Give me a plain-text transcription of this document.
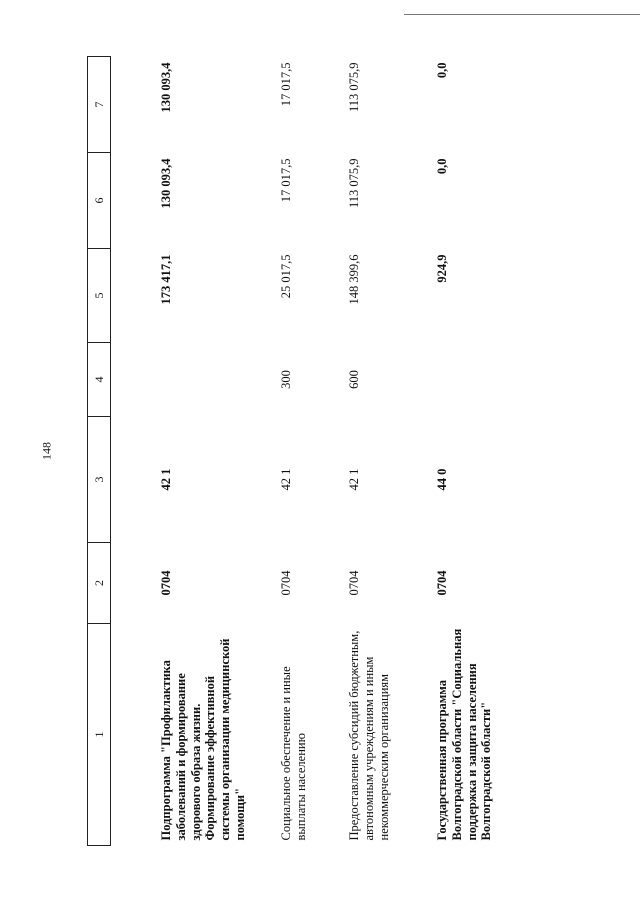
148
1	2	3	4	5	6	7
Подпрограмма "Профилактика заболеваний и формирование здорового образа жизни. Формирование эффективной системы организации медицинской помощи"	0704	42 1		173 417,1	130 093,4	130 093,4
Социальное обеспечение и иные выплаты населению	0704	42 1	300	25 017,5	17 017,5	17 017,5
Предоставление субсидий бюджетным, автономным учреждениям и иным некоммерческим организациям	0704	42 1	600	148 399,6	113 075,9	113 075,9
Государственная программа Волгоградской области "Социальная поддержка и защита населения Волгоградской области"	0704	44 0		924,9	0,0	0,0
